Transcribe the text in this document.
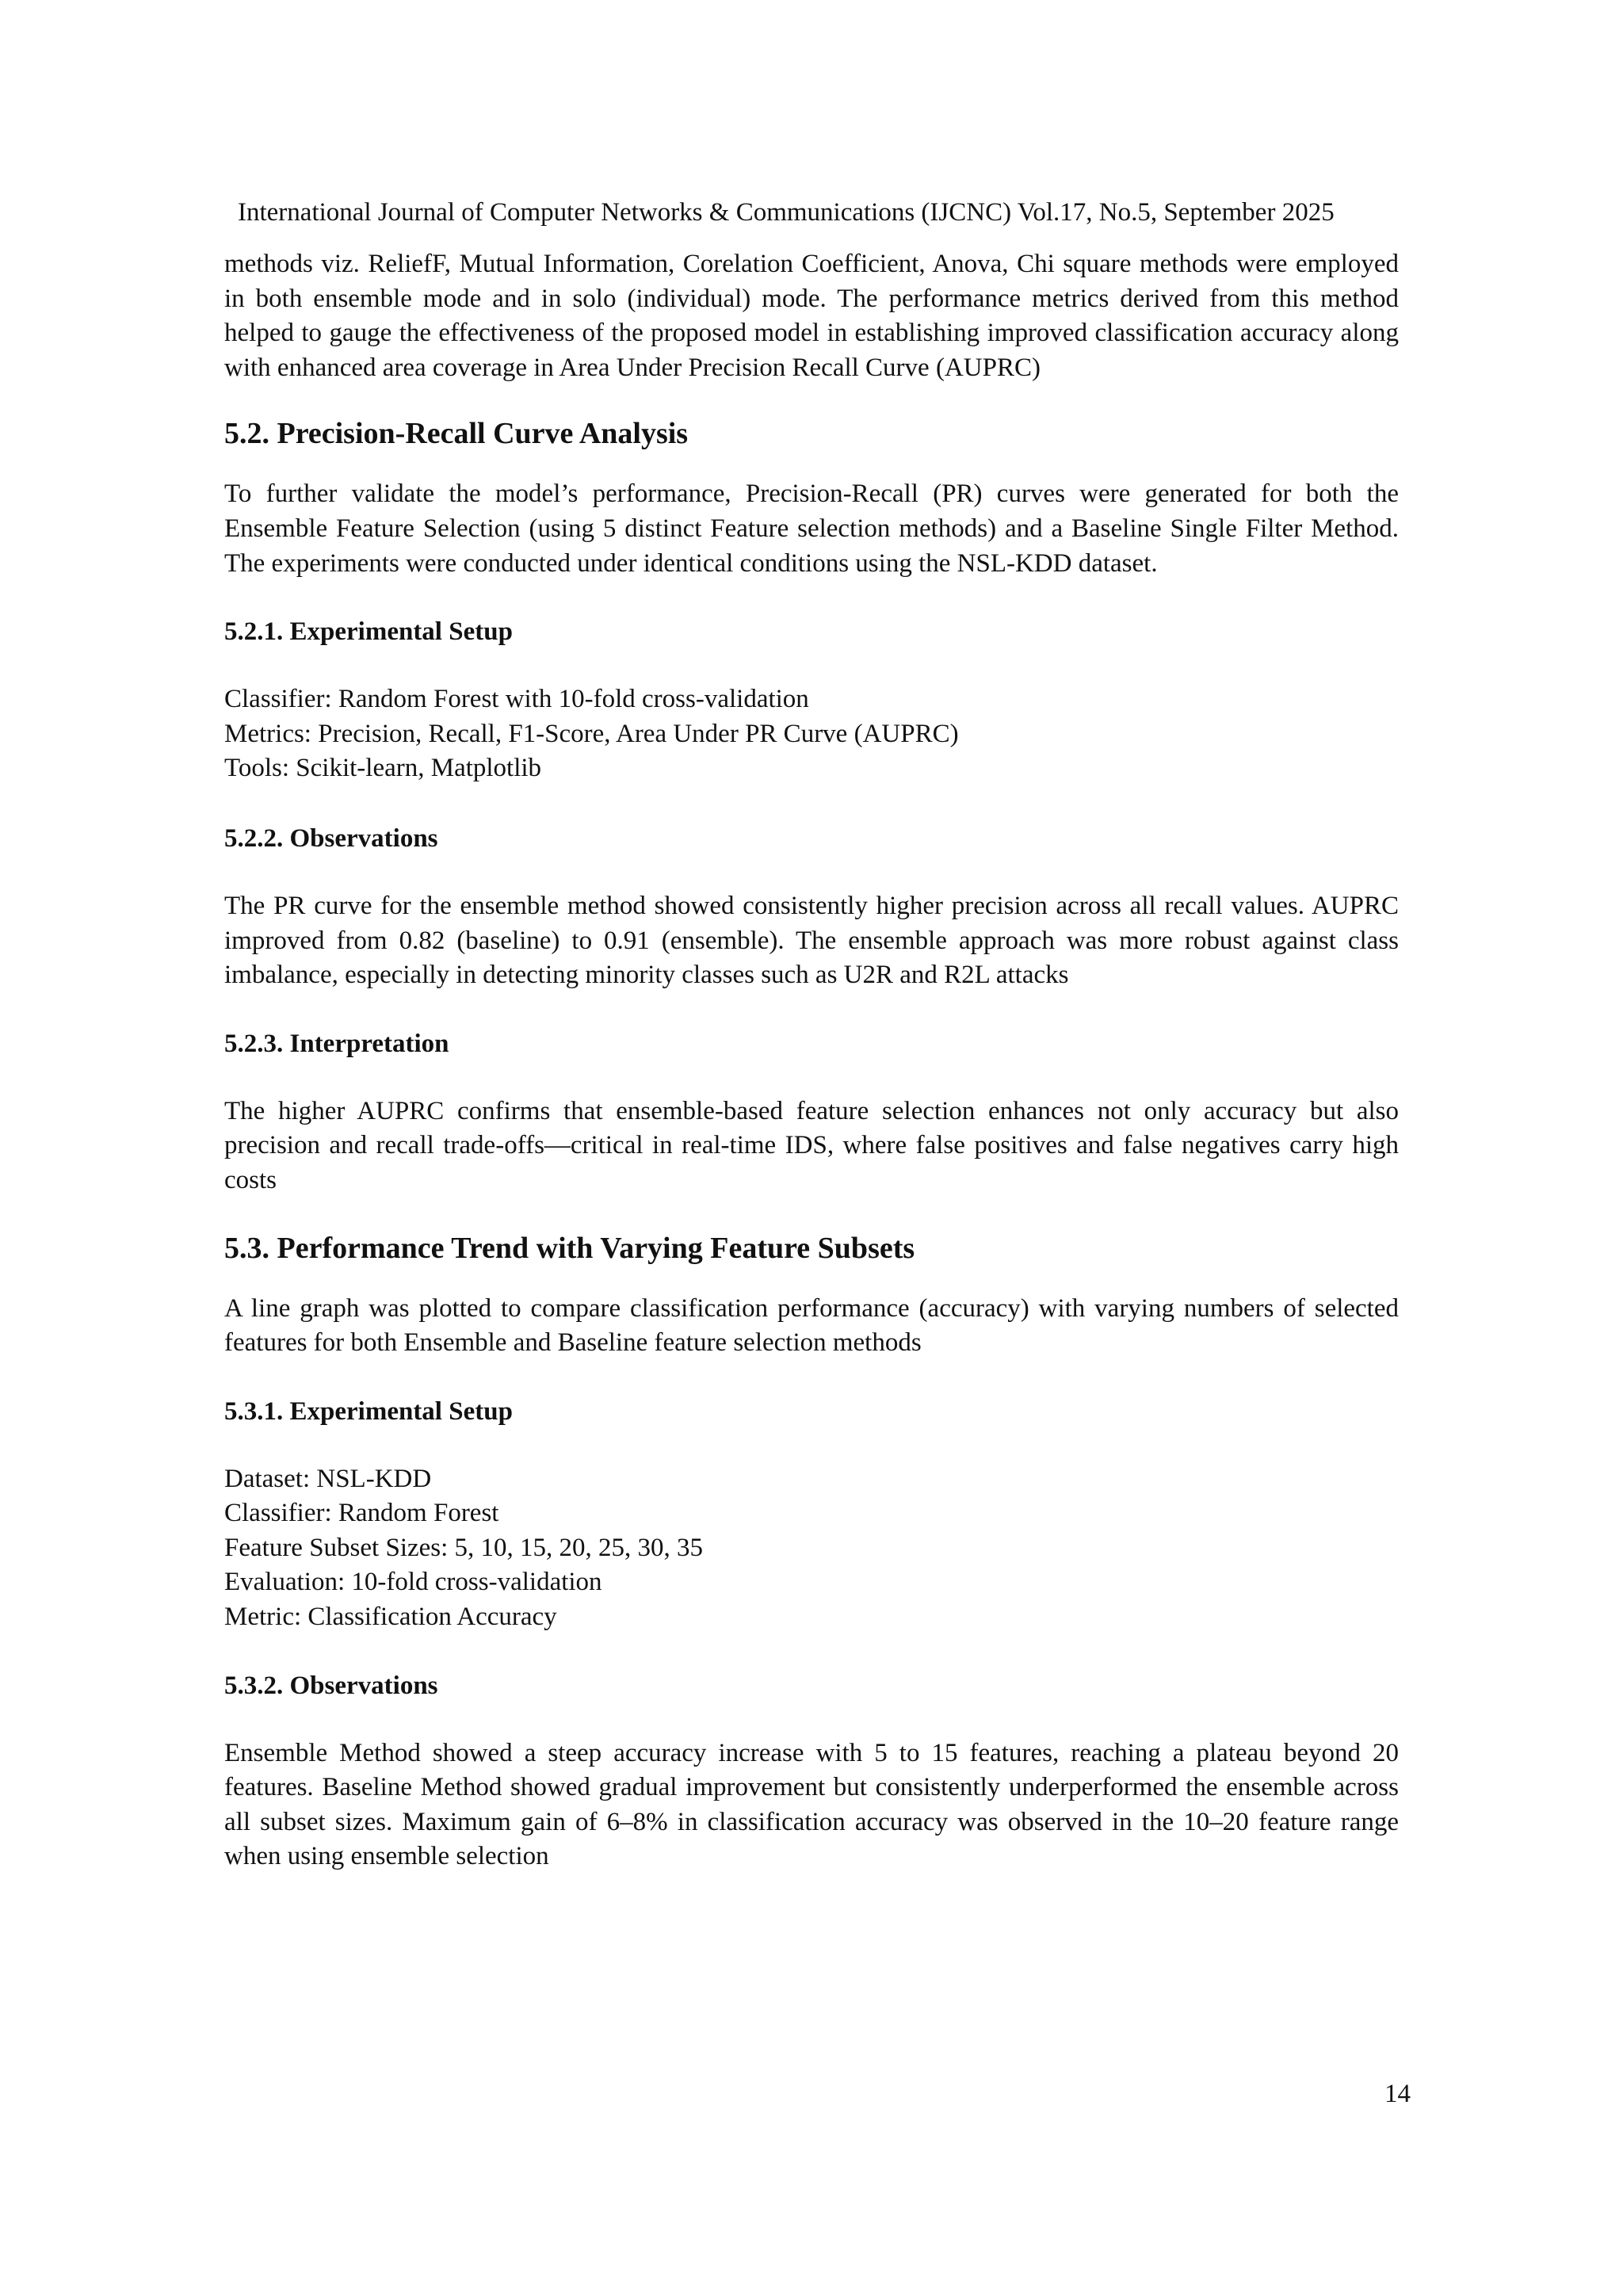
International Journal of Computer Networks & Communications (IJCNC) Vol.17, No.5, September 2025

methods viz. ReliefF, Mutual Information, Corelation Coefficient, Anova, Chi square methods were employed in both ensemble mode and in solo (individual) mode. The performance metrics derived from this method helped to gauge the effectiveness of the proposed model in establishing improved classification accuracy along with enhanced area coverage in Area Under Precision Recall Curve (AUPRC)

5.2. Precision-Recall Curve Analysis

To further validate the model’s performance, Precision-Recall (PR) curves were generated for both the Ensemble Feature Selection (using 5 distinct Feature selection methods) and a Baseline Single Filter Method. The experiments were conducted under identical conditions using the NSL-KDD dataset.

5.2.1. Experimental Setup
Classifier: Random Forest with 10-fold cross-validation
Metrics: Precision, Recall, F1-Score, Area Under PR Curve (AUPRC)
Tools: Scikit-learn, Matplotlib
5.2.2. Observations

The PR curve for the ensemble method showed consistently higher precision across all recall values. AUPRC improved from 0.82 (baseline) to 0.91 (ensemble). The ensemble approach was more robust against class imbalance, especially in detecting minority classes such as U2R and R2L attacks

5.2.3. Interpretation

The higher AUPRC confirms that ensemble-based feature selection enhances not only accuracy but also precision and recall trade-offs—critical in real-time IDS, where false positives and false negatives carry high costs

5.3. Performance Trend with Varying Feature Subsets

A line graph was plotted to compare classification performance (accuracy) with varying numbers of selected features for both Ensemble and Baseline feature selection methods

5.3.1. Experimental Setup
Dataset: NSL-KDD
Classifier: Random Forest
Feature Subset Sizes: 5, 10, 15, 20, 25, 30, 35
Evaluation: 10-fold cross-validation
Metric: Classification Accuracy
5.3.2. Observations

Ensemble Method showed a steep accuracy increase with 5 to 15 features, reaching a plateau beyond 20 features. Baseline Method showed gradual improvement but consistently underperformed the ensemble across all subset sizes. Maximum gain of 6–8% in classification accuracy was observed in the 10–20 feature range when using ensemble selection

14
